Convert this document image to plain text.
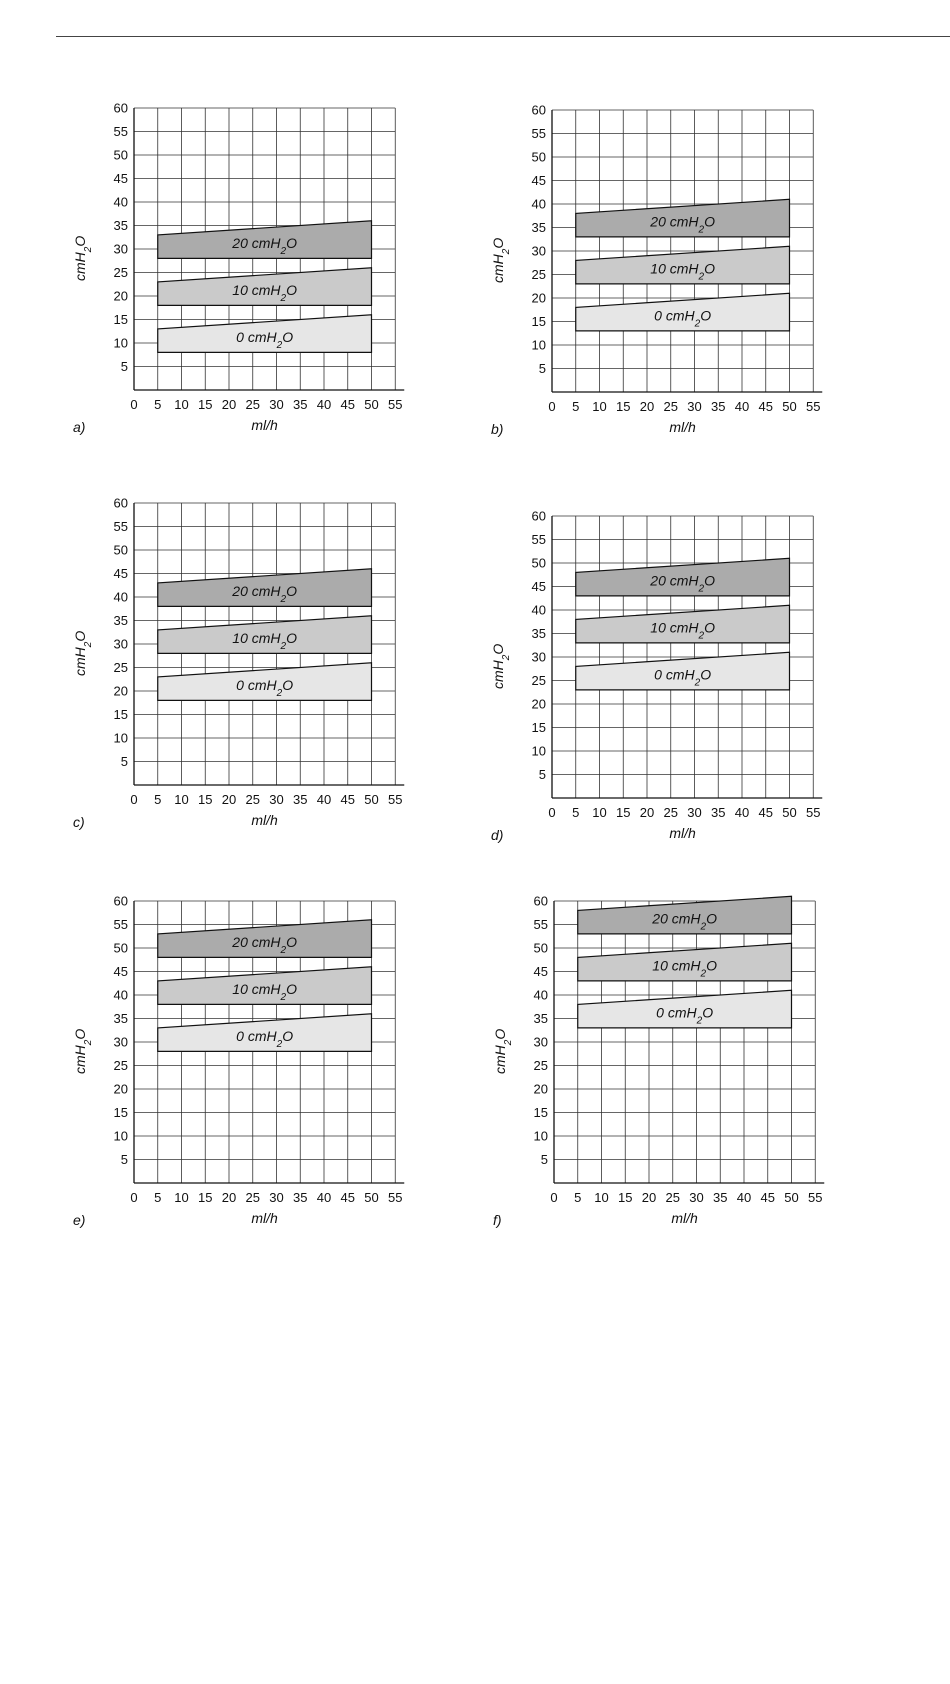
20 cmH$_2$O
10 cmH$_2$O
0 cmH$_2$O
5
10
15
20
25
30
35
40
45
50
55
60
0 5 10 15 20 25 30 35 40 45 50 55
ml/h
cmH$_2$O
a)
20 cmH$_2$O
10 cmH$_2$O
0 cmH$_2$O
5
10
15
20
25
30
35
40
45
50
55
60
0 5 10 15 20 25 30 35 40 45 50 55
ml/h
cmH$_2$O
b)
20 cmH$_2$O
10 cmH$_2$O
0 cmH$_2$O
5
10
15
20
25
30
35
40
45
50
55
60
0 5 10 15 20 25 30 35 40 45 50 55
ml/h
cmH$_2$O
c)
20 cmH$_2$O
10 cmH$_2$O
0 cmH$_2$O
5
10
15
20
25
30
35
40
45
50
55
60
0 5 10 15 20 25 30 35 40 45 50 55
ml/h
cmH$_2$O
d)
20 cmH$_2$O
10 cmH$_2$O
0 cmH$_2$O
5
10
15
20
25
30
35
40
45
50
55
60
0 5 10 15 20 25 30 35 40 45 50 55
ml/h
cmH$_2$O
e)
20 cmH$_2$O
10 cmH$_2$O
0 cmH$_2$O
5
10
15
20
25
30
35
40
45
50
55
60
0 5 10 15 20 25 30 35 40 45 50 55
ml/h
cmH$_2$O
f)
